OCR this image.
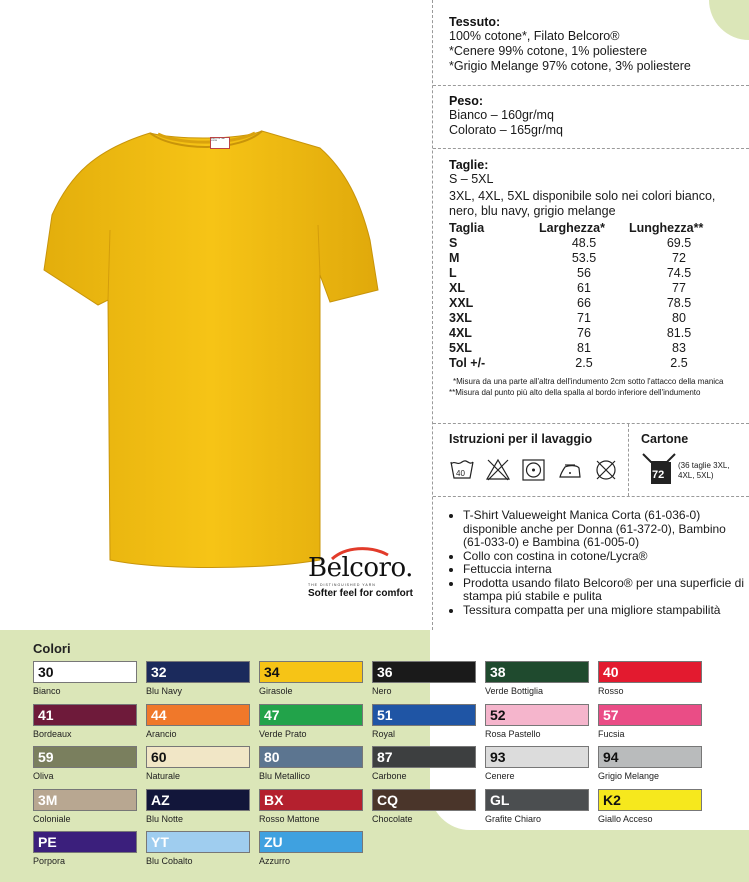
FRUIT OF THE LOOM
Belcoro.
THE DISTINGUISHED YARN
Softer feel for comfort
Tessuto:

100% cotone*, Filato Belcoro®

*Cenere 99% cotone, 1% poliestere

*Grigio Melange 97% cotone, 3% poliestere

Peso:

Bianco – 160gr/mq

Colorato – 165gr/mq

Taglie:

S – 5XL

3XL, 4XL, 5XL disponibile solo nei colori bianco, nero, blu navy, grigio melange

Taglia	Larghezza*	Lunghezza**
S	48.5	69.5
M	53.5	72
L	56	74.5
XL	61	77
XXL	66	78.5
3XL	71	80
4XL	76	81.5
5XL	81	83
Tol +/-	2.5	2.5
*Misura da una parte all'altra dell'indumento 2cm sotto l'attacco della manica
**Misura dal punto più alto della spalla al bordo inferiore dell'indumento
Istruzioni per il lavaggio
40
Cartone
72
(36 taglie 3XL, 4XL, 5XL)
• T-Shirt Valueweight Manica Corta (61-036-0) disponible anche per Donna (61-372-0), Bambino (61-033-0) e Bambina (61-005-0)
• Collo con costina in cotone/Lycra®
• Fettuccia interna
• Prodotta usando filato Belcoro® per una superficie di stampa piú stabile e pulita
• Tessitura compatta per una migliore stampabilità
Colori
30
Bianco
32
Blu Navy
34
Girasole
36
Nero
38
Verde Bottiglia
40
Rosso
41
Bordeaux
44
Arancio
47
Verde Prato
51
Royal
52
Rosa Pastello
57
Fucsia
59
Oliva
60
Naturale
80
Blu Metallico
87
Carbone
93
Cenere
94
Grigio Melange
3M
Coloniale
AZ
Blu Notte
BX
Rosso Mattone
CQ
Chocolate
GL
Grafite Chiaro
K2
Giallo Acceso
PE
Porpora
YT
Blu Cobalto
ZU
Azzurro
